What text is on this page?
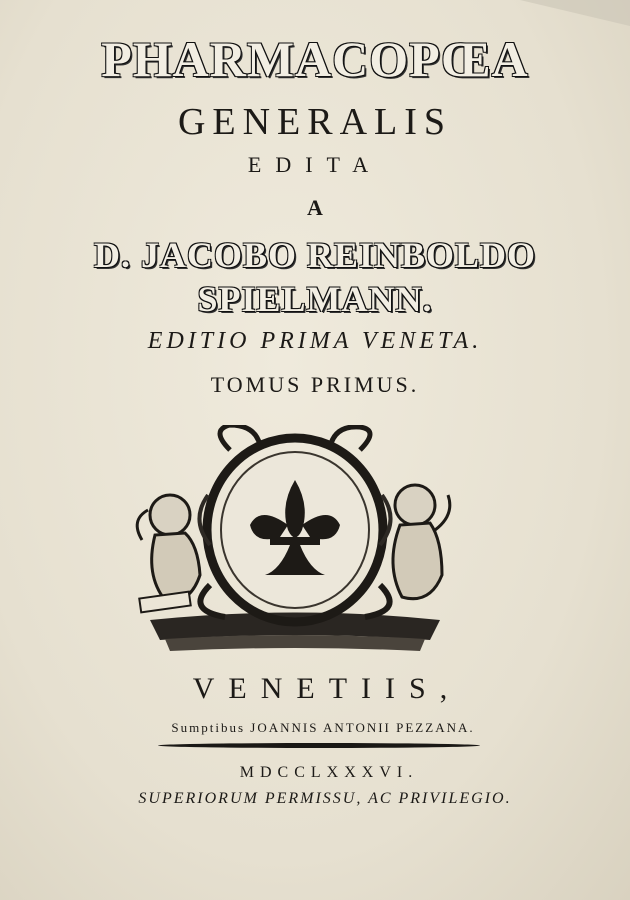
PHARMACOPŒA
GENERALIS
EDITA
A
D. JACOBO REINBOLDO
SPIELMANN.
EDITIO PRIMA VENETA.
TOMUS PRIMUS.
VENETIIS,
Sumptibus JOANNIS ANTONII PEZZANA.
MDCCLXXXVI.
SUPERIORUM PERMISSU, AC PRIVILEGIO.
